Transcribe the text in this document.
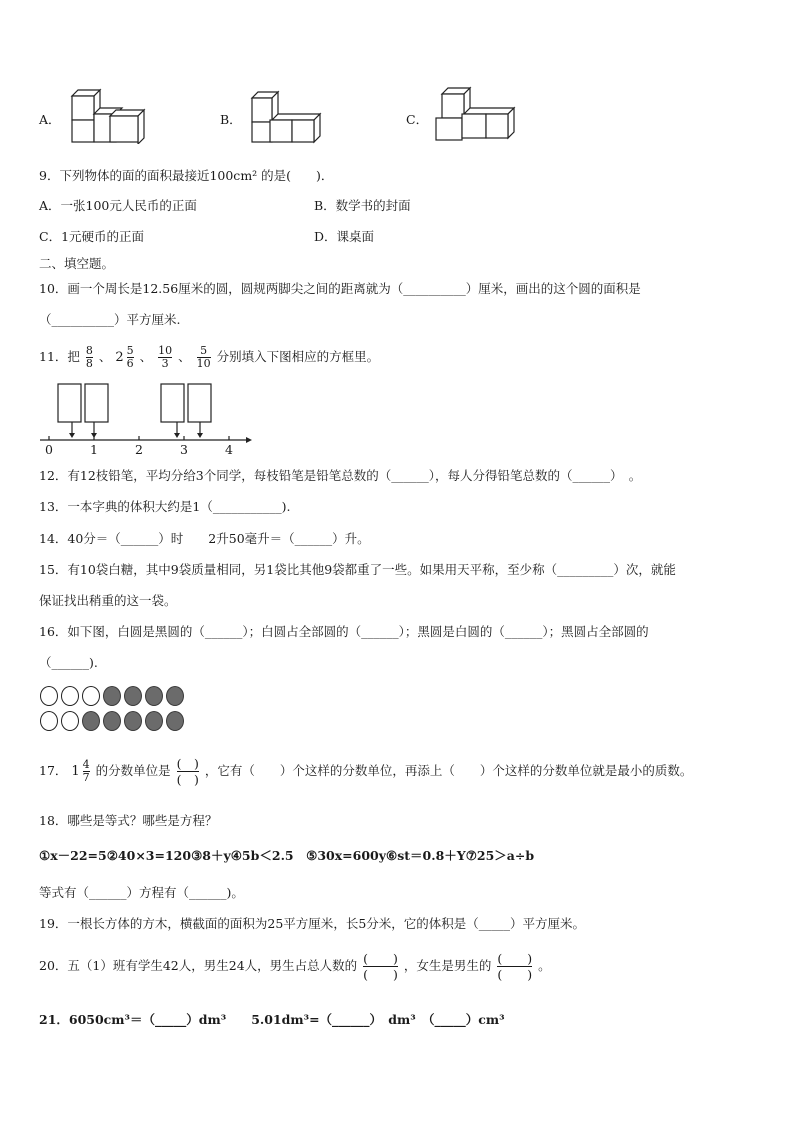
A．	B．	C．
9．下列物体的面的面积最接近100cm² 的是(　　)．
A．一张100元人民币的正面	B．数学书的封面
C．1元硬币的正面	D．课桌面
二、填空题。
10．画一个周长是12.56厘米的圆，圆规两脚尖之间的距离就为（__________）厘米，画出的这个圆的面积是
（__________）平方厘米.
11．把 $\frac{8}{8}$ 、 $2 \frac{5}{6}$ 、 $\frac{10}{3}$ 、 $\frac{5}{10}$ 分别填入下图相应的方框里。
0	1	2	3	4
12．有12枝铅笔，平均分给3个同学，每枝铅笔是铅笔总数的（______），每人分得铅笔总数的（______）　。
13．一本字典的体积大约是1（___________).
14．40分＝（______）时　　2升50毫升＝（______）升。
15．有10袋白糖，其中9袋质量相同，另1袋比其他9袋都重了一些。如果用天平称，至少称（_________）次，就能
保证找出稍重的这一袋。
16．如下图，白圆是黑圆的（______）；白圆占全部圆的（______）；黑圆是白圆的（______）；黑圆占全部圆的
（______).
17． $1 \frac{4}{7}$ 的分数单位是 $\frac{( )}{( )}$ ，它有（　　）个这样的分数单位，再添上（　　）个这样的分数单位就是最小的质数。
18．哪些是等式？哪些是方程？
①x－22=5②40×3=120③8＋y④5b＜2.5　⑤30x=600y⑥st＝0.8＋Y⑦25＞a÷b
等式有（______）方程有（______)。
19．一根长方体的方木，横截面的面积为25平方厘米，长5分米，它的体积是（_____）平方厘米。
20．五（1）班有学生42人，男生24人，男生占总人数的 $\frac{( )}{( )}$ ，女生是男生的 $\frac{( )}{( )}$ 。
21．6050cm³＝（_____）dm³　　5.01dm³=（______）　dm³　（_____）cm³
